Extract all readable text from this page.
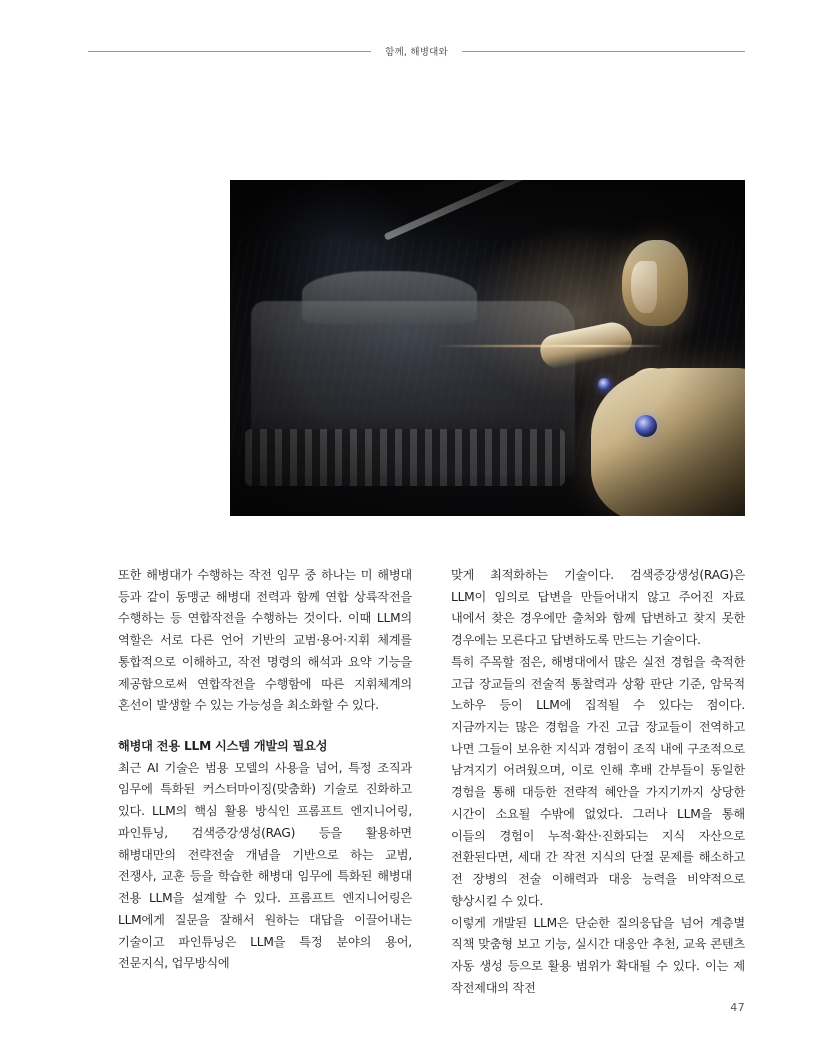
함께, 해병대와

또한 해병대가 수행하는 작전 임무 중 하나는 미 해병대 등과 같이 동맹군 해병대 전력과 함께 연합 상륙작전을 수행하는 등 연합작전을 수행하는 것이다. 이때 LLM의 역할은 서로 다른 언어 기반의 교범·용어·지휘 체계를 통합적으로 이해하고, 작전 명령의 해석과 요약 기능을 제공함으로써 연합작전을 수행함에 따른 지휘체계의 혼선이 발생할 수 있는 가능성을 최소화할 수 있다.

해병대 전용 LLM 시스템 개발의 필요성

최근 AI 기술은 범용 모델의 사용을 넘어, 특정 조직과 임무에 특화된 커스터마이징(맞춤화) 기술로 진화하고 있다. LLM의 핵심 활용 방식인 프롬프트 엔지니어링, 파인튜닝, 검색증강생성(RAG) 등을 활용하면 해병대만의 전략전술 개념을 기반으로 하는 교범, 전쟁사, 교훈 등을 학습한 해병대 임무에 특화된 해병대 전용 LLM을 설계할 수 있다. 프롬프트 엔지니어링은 LLM에게 질문을 잘해서 원하는 대답을 이끌어내는 기술이고 파인튜닝은 LLM을 특정 분야의 용어, 전문지식, 업무방식에

맞게 최적화하는 기술이다. 검색증강생성(RAG)은 LLM이 임의로 답변을 만들어내지 않고 주어진 자료 내에서 찾은 경우에만 출처와 함께 답변하고 찾지 못한 경우에는 모른다고 답변하도록 만드는 기술이다.

특히 주목할 점은, 해병대에서 많은 실전 경험을 축적한 고급 장교들의 전술적 통찰력과 상황 판단 기준, 암묵적 노하우 등이 LLM에 집적될 수 있다는 점이다. 지금까지는 많은 경험을 가진 고급 장교들이 전역하고 나면 그들이 보유한 지식과 경험이 조직 내에 구조적으로 남겨지기 어려웠으며, 이로 인해 후배 간부들이 동일한 경험을 통해 대등한 전략적 혜안을 가지기까지 상당한 시간이 소요될 수밖에 없었다. 그러나 LLM을 통해 이들의 경험이 누적·확산·진화되는 지식 자산으로 전환된다면, 세대 간 작전 지식의 단절 문제를 해소하고 전 장병의 전술 이해력과 대응 능력을 비약적으로 향상시킬 수 있다.

이렇게 개발된 LLM은 단순한 질의응답을 넘어 계층별 직책 맞춤형 보고 기능, 실시간 대응안 추천, 교육 콘텐츠 자동 생성 등으로 활용 범위가 확대될 수 있다. 이는 제 작전제대의 작전

47
